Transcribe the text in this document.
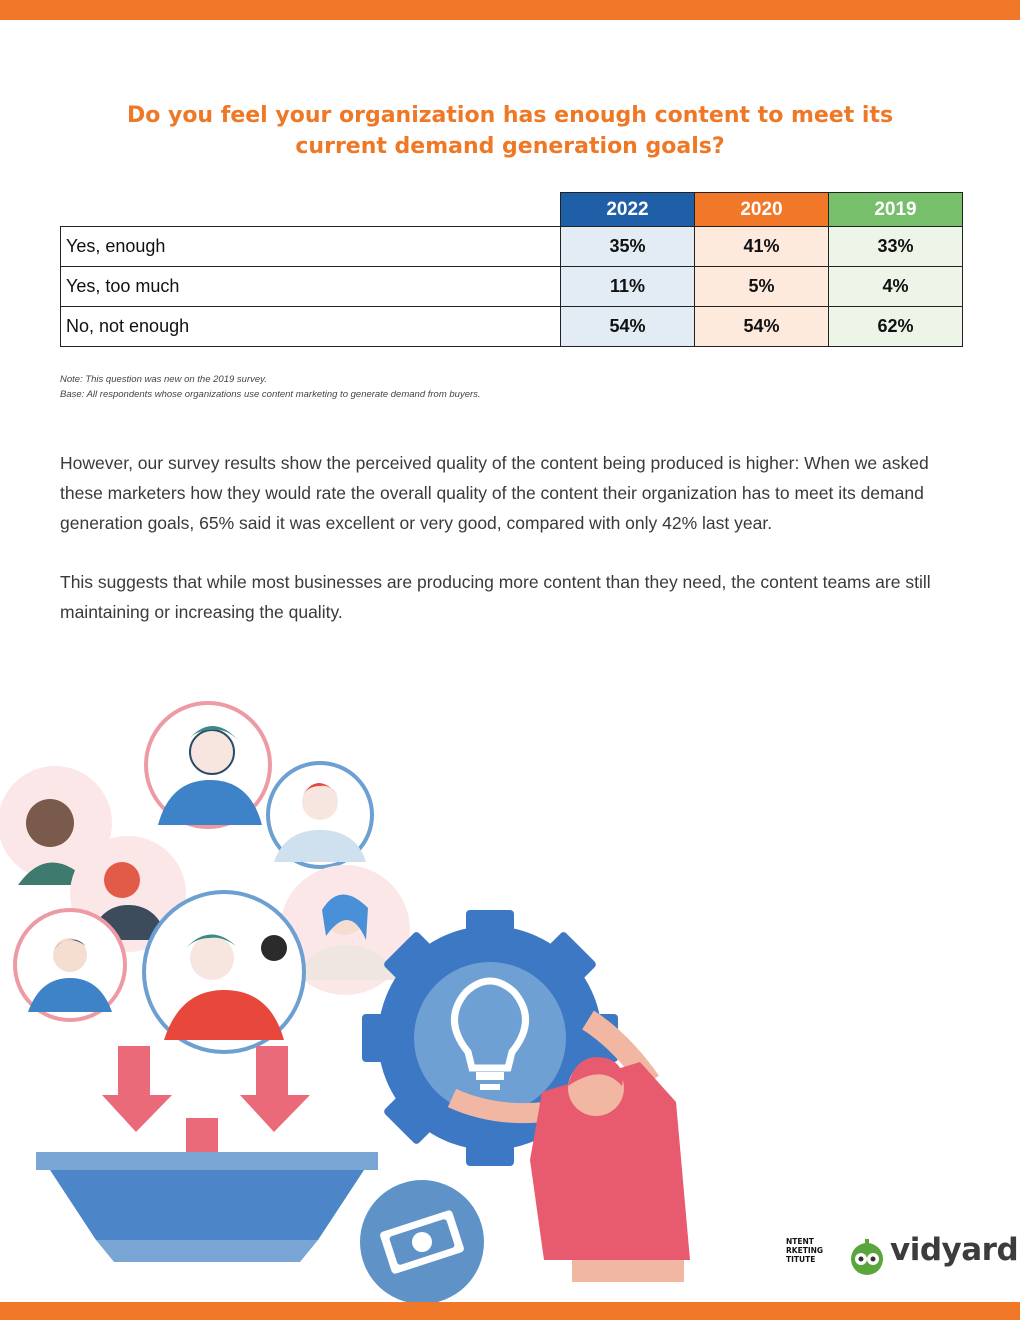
Do you feel your organization has enough content to meet its
current demand generation goals?
	2022	2020	2019
Yes, enough	35%	41%	33%
Yes, too much	11%	5%	4%
No, not enough	54%	54%	62%
Note: This question was new on the 2019 survey.
Base: All respondents whose organizations use content marketing to generate demand from buyers.

However, our survey results show the perceived quality of the content being produced is higher: When we asked these marketers how they would rate the overall quality of the content their organization has to meet its demand generation goals, 65% said it was excellent or very good, compared with only 42% last year.

This suggests that while most businesses are producing more content than they need, the content teams are still maintaining or increasing the quality.

NTENT
RKETING
TITUTE	vidyard
